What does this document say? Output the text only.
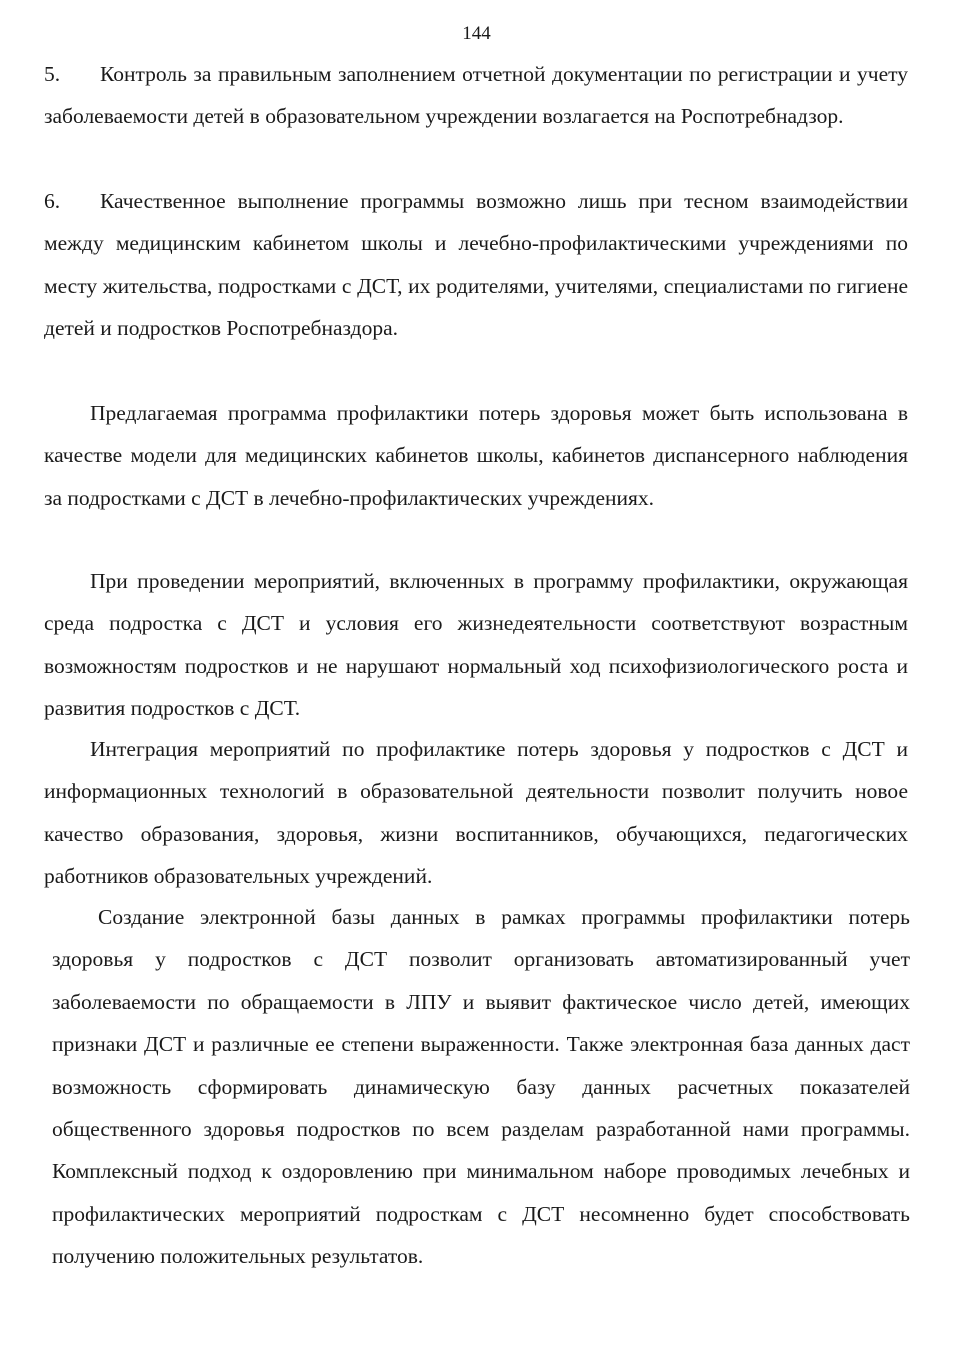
144

5. Контроль за правильным заполнением отчетной документации по регистрации и учету заболеваемости детей в образовательном учреждении возлагается на Роспотребнадзор.

6. Качественное выполнение программы возможно лишь при тесном взаимодействии между медицинским кабинетом школы и лечебно-профилактическими учреждениями по месту жительства, подростками с ДСТ, их родителями, учителями, специалистами по гигиене детей и подростков Роспотребназдора.

Предлагаемая программа профилактики потерь здоровья может быть использована в качестве модели для медицинских кабинетов школы, кабинетов диспансерного наблюдения за подростками с ДСТ в лечебно-профилактических учреждениях.

При проведении мероприятий, включенных в программу профилактики, окружающая среда подростка с ДСТ и условия его жизнедеятельности соответствуют возрастным возможностям подростков и не нарушают нормальный ход психофизиологического роста и развития подростков с ДСТ.

Интеграция мероприятий по профилактике потерь здоровья у подростков с ДСТ и информационных технологий в образовательной деятельности позволит получить новое качество образования, здоровья, жизни воспитанников, обучающихся, педагогических работников образовательных учреждений.

Создание электронной базы данных в рамках программы профилактики потерь здоровья у подростков с ДСТ позволит организовать автоматизированный учет заболеваемости по обращаемости в ЛПУ и выявит фактическое число детей, имеющих признаки ДСТ и различные ее степени выраженности. Также электронная база данных даст возможность сформировать динамическую базу данных расчетных показателей общественного здоровья подростков по всем разделам разработанной нами программы. Комплексный подход к оздоровлению при минимальном наборе проводимых лечебных и профилактических мероприятий подросткам с ДСТ несомненно будет способствовать получению положительных результатов.
